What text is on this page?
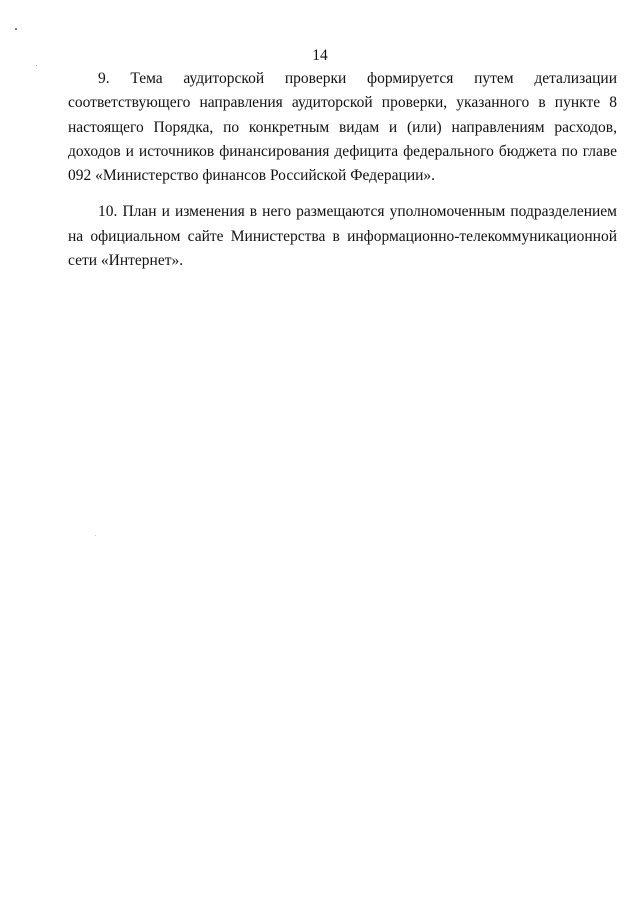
14

9. Тема аудиторской проверки формируется путем детализации соответствующего направления аудиторской проверки, указанного в пункте 8 настоящего Порядка, по конкретным видам и (или) направлениям расходов, доходов и источников финансирования дефицита федерального бюджета по главе 092 «Министерство финансов Российской Федерации».

10. План и изменения в него размещаются уполномоченным подразделением на официальном сайте Министерства в информационно-телекоммуникационной сети «Интернет».
